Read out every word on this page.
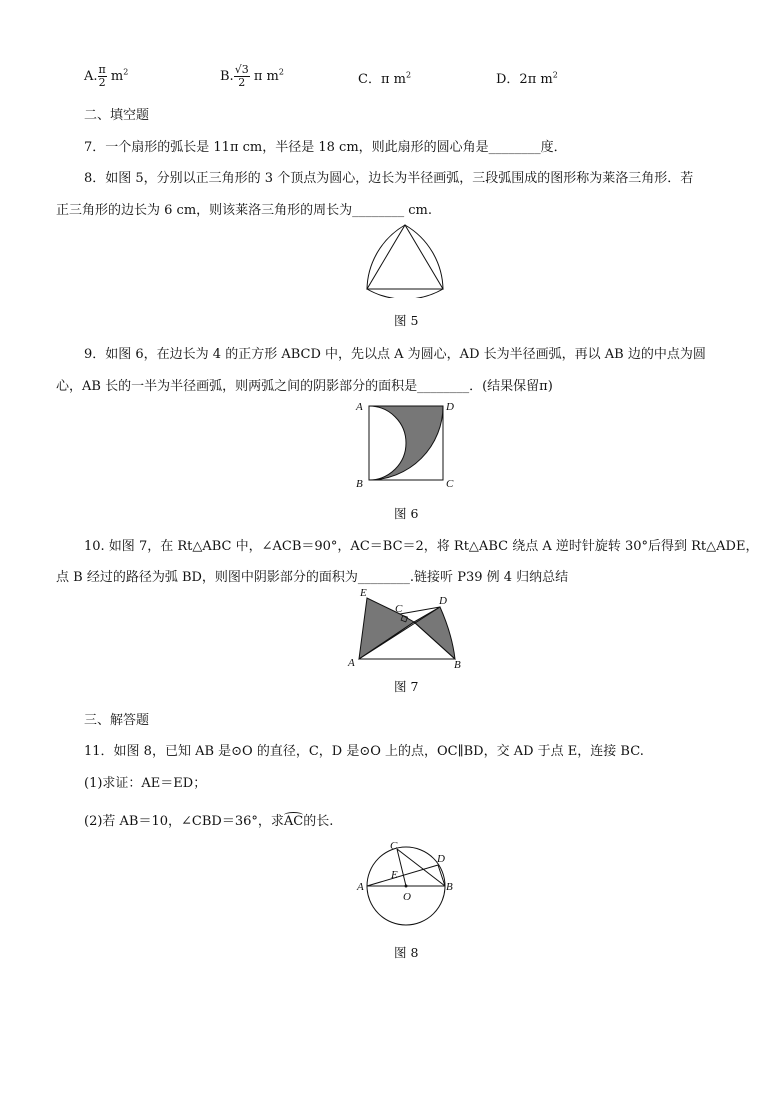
A. $\frac{\pi}{2} m^2$	B. $\frac{√3}{2}$ π $m^2$	C．π $m^2$	D．2π $m^2$
二、填空题
7．一个扇形的弧长是 11π cm，半径是 18 cm，则此扇形的圆心角是________度．
8．如图 5，分别以正三角形的 3 个顶点为圆心，边长为半径画弧，三段弧围成的图形称为莱洛三角形．若
正三角形的边长为 6 cm，则该莱洛三角形的周长为________ cm.
图 5
9．如图 6，在边长为 4 的正方形 ABCD 中，先以点 A 为圆心，AD 长为半径画弧，再以 AB 边的中点为圆
心，AB 长的一半为半径画弧，则两弧之间的阴影部分的面积是________．(结果保留π)
A	D
B	C
图 6
10. 如图 7，在 Rt△ABC 中，∠ACB＝90°，AC＝BC＝2，将 Rt△ABC 绕点 A 逆时针旋转 30°后得到 Rt△ADE，
点 B 经过的路径为弧 BD，则图中阴影部分的面积为________.链接听 P39 例 4 归纳总结
E
C
D
A	B
图 7
三、解答题
11．如图 8，已知 AB 是⊙O 的直径，C，D 是⊙O 上的点，OC∥BD，交 AD 于点 E，连接 BC.
(1)求证：AE＝ED；
(2)若 AB＝10，∠CBD＝36°，求AC的长.
C
D
A
E
O
B
图 8
